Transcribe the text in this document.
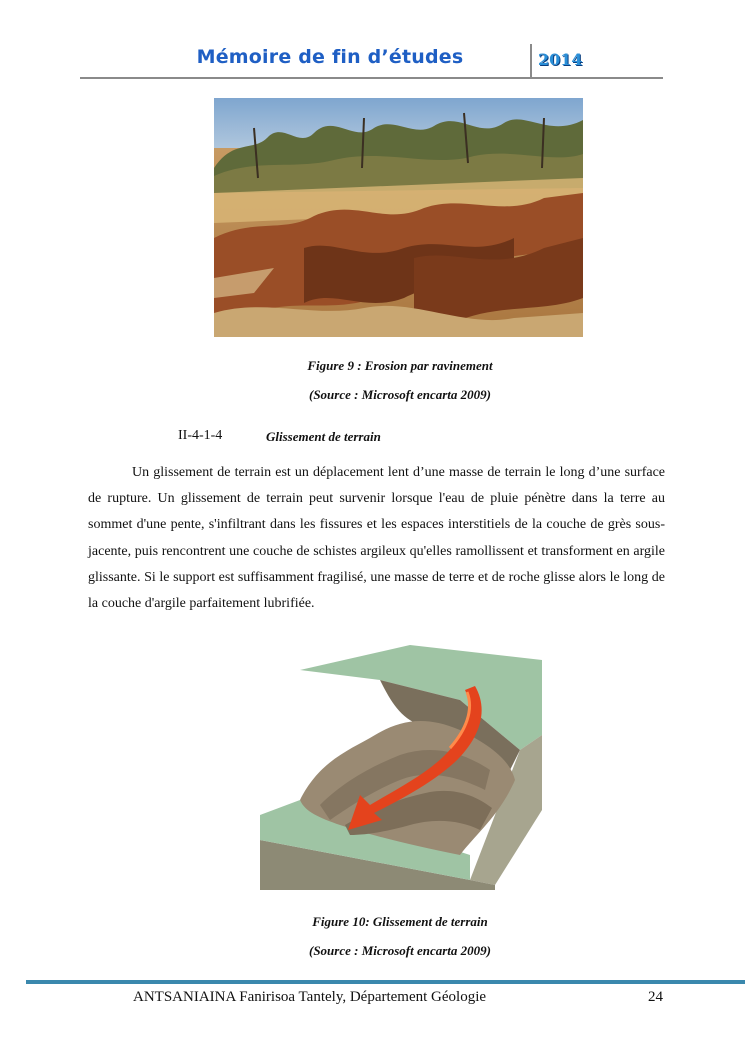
Mémoire de fin d’études	2014
Figure 9 : Erosion par ravinement
(Source : Microsoft encarta 2009)
II-4-1-4	Glissement de terrain

Un glissement de terrain est un déplacement lent d’une masse de terrain le long d’une surface de rupture. Un glissement de terrain peut survenir lorsque l'eau de pluie pénètre dans la terre au sommet d'une pente, s'infiltrant dans les fissures et les espaces interstitiels de la couche de grès sous-jacente, puis rencontrent une couche de schistes argileux qu'elles ramollissent et transforment en argile glissante. Si le support est suffisamment fragilisé, une masse de terre et de roche glisse alors le long de la couche d'argile parfaitement lubrifiée.

Figure 10: Glissement de terrain
(Source : Microsoft encarta 2009)
ANTSANIAINA Fanirisoa Tantely, Département Géologie	24
